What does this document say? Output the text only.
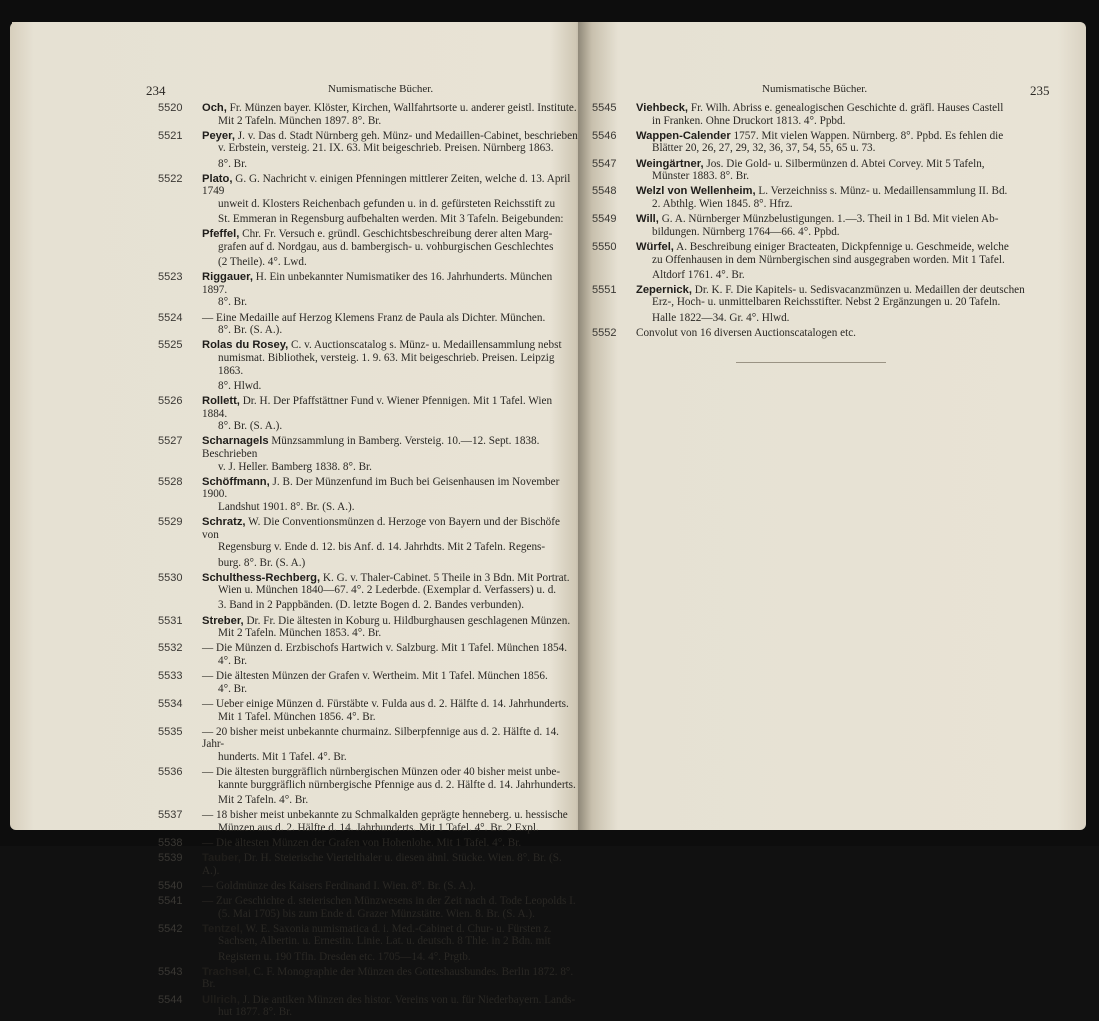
234	Numismatische Bücher.
5520	Och, Fr. Münzen bayer. Klöster, Kirchen, Wallfahrtsorte u. anderer geistl. Institute.
Mit 2 Tafeln. München 1897. 8°. Br.
5521	Peyer, J. v. Das d. Stadt Nürnberg geh. Münz- und Medaillen-Cabinet, beschrieben
v. Erbstein, versteig. 21. IX. 63. Mit beigeschrieb. Preisen. Nürnberg 1863.
8°. Br.
5522	Plato, G. G. Nachricht v. einigen Pfenningen mittlerer Zeiten, welche d. 13. April 1749
unweit d. Klosters Reichenbach gefunden u. in d. gefürsteten Reichsstift zu
St. Emmeran in Regensburg aufbehalten werden. Mit 3 Tafeln. Beigebunden:
Pfeffel, Chr. Fr. Versuch e. gründl. Geschichtsbeschreibung derer alten Marg-
grafen auf d. Nordgau, aus d. bambergisch- u. vohburgischen Geschlechtes
(2 Theile). 4°. Lwd.
5523	Riggauer, H. Ein unbekannter Numismatiker des 16. Jahrhunderts. München 1897.
8°. Br.
5524	— Eine Medaille auf Herzog Klemens Franz de Paula als Dichter. München.
8°. Br. (S. A.).
5525	Rolas du Rosey, C. v. Auctionscatalog s. Münz- u. Medaillensammlung nebst
numismat. Bibliothek, versteig. 1. 9. 63. Mit beigeschrieb. Preisen. Leipzig 1863.
8°. Hlwd.
5526	Rollett, Dr. H. Der Pfaffstättner Fund v. Wiener Pfennigen. Mit 1 Tafel. Wien 1884.
8°. Br. (S. A.).
5527	Scharnagels Münzsammlung in Bamberg. Versteig. 10.—12. Sept. 1838. Beschrieben
v. J. Heller. Bamberg 1838. 8°. Br.
5528	Schöffmann, J. B. Der Münzenfund im Buch bei Geisenhausen im November 1900.
Landshut 1901. 8°. Br. (S. A.).
5529	Schratz, W. Die Conventionsmünzen d. Herzoge von Bayern und der Bischöfe von
Regensburg v. Ende d. 12. bis Anf. d. 14. Jahrhdts. Mit 2 Tafeln. Regens-
burg. 8°. Br. (S. A.)
5530	Schulthess-Rechberg, K. G. v. Thaler-Cabinet. 5 Theile in 3 Bdn. Mit Portrat.
Wien u. München 1840—67. 4°. 2 Lederbde. (Exemplar d. Verfassers) u. d.
3. Band in 2 Pappbänden. (D. letzte Bogen d. 2. Bandes verbunden).
5531	Streber, Dr. Fr. Die ältesten in Koburg u. Hildburghausen geschlagenen Münzen.
Mit 2 Tafeln. München 1853. 4°. Br.
5532	— Die Münzen d. Erzbischofs Hartwich v. Salzburg. Mit 1 Tafel. München 1854.
4°. Br.
5533	— Die ältesten Münzen der Grafen v. Wertheim. Mit 1 Tafel. München 1856.
4°. Br.
5534	— Ueber einige Münzen d. Fürstäbte v. Fulda aus d. 2. Hälfte d. 14. Jahrhunderts.
Mit 1 Tafel. München 1856. 4°. Br.
5535	— 20 bisher meist unbekannte churmainz. Silberpfennige aus d. 2. Hälfte d. 14. Jahr-
hunderts. Mit 1 Tafel. 4°. Br.
5536	— Die ältesten burggräflich nürnbergischen Münzen oder 40 bisher meist unbe-
kannte burggräflich nürnbergische Pfennige aus d. 2. Hälfte d. 14. Jahrhunderts.
Mit 2 Tafeln. 4°. Br.
5537	— 18 bisher meist unbekannte zu Schmalkalden geprägte henneberg. u. hessische
Münzen aus d. 2. Hälfte d. 14. Jahrhunderts. Mit 1 Tafel. 4°. Br. 2 Expl.
5538	— Die ältesten Münzen der Grafen von Hohenlohe. Mit 1 Tafel. 4°. Br.
5539	Tauber, Dr. H. Steierische Viertelthaler u. diesen ähnl. Stücke. Wien. 8°. Br. (S. A.).
5540	— Goldmünze des Kaisers Ferdinand I. Wien. 8°. Br. (S. A.).
5541	— Zur Geschichte d. steierischen Münzwesens in der Zeit nach d. Tode Leopolds I.
(5. Mai 1705) bis zum Ende d. Grazer Münzstätte. Wien. 8. Br. (S. A.).
5542	Tentzel, W. E. Saxonia numismatica d. i. Med.-Cabinet d. Chur- u. Fürsten z.
Sachsen, Albertin. u. Ernestin. Linie. Lat. u. deutsch. 8 Thle. in 2 Bdn. mit
Registern u. 190 Tfln. Dresden etc. 1705—14. 4°. Prgtb.
5543	Trachsel, C. F. Monographie der Münzen des Gotteshausbundes. Berlin 1872. 8°. Br.
5544	Ullrich, J. Die antiken Münzen des histor. Vereins von u. für Niederbayern. Lands-
hut 1877. 8°. Br.
Numismatische Bücher.	235
5545	Viehbeck, Fr. Wilh. Abriss e. genealogischen Geschichte d. gräfl. Hauses Castell
in Franken. Ohne Druckort 1813. 4°. Ppbd.
5546	Wappen-Calender 1757. Mit vielen Wappen. Nürnberg. 8°. Ppbd. Es fehlen die
Blätter 20, 26, 27, 29, 32, 36, 37, 54, 55, 65 u. 73.
5547	Weingärtner, Jos. Die Gold- u. Silbermünzen d. Abtei Corvey. Mit 5 Tafeln,
Münster 1883. 8°. Br.
5548	Welzl von Wellenheim, L. Verzeichniss s. Münz- u. Medaillensammlung II. Bd.
2. Abthlg. Wien 1845. 8°. Hfrz.
5549	Will, G. A. Nürnberger Münzbelustigungen. 1.—3. Theil in 1 Bd. Mit vielen Ab-
bildungen. Nürnberg 1764—66. 4°. Ppbd.
5550	Würfel, A. Beschreibung einiger Bracteaten, Dickpfennige u. Geschmeide, welche
zu Offenhausen in dem Nürnbergischen sind ausgegraben worden. Mit 1 Tafel.
Altdorf 1761. 4°. Br.
5551	Zepernick, Dr. K. F. Die Kapitels- u. Sedisvacanzmünzen u. Medaillen der deutschen
Erz-, Hoch- u. unmittelbaren Reichsstifter. Nebst 2 Ergänzungen u. 20 Tafeln.
Halle 1822—34. Gr. 4°. Hlwd.
5552	Convolut von 16 diversen Auctionscatalogen etc.
